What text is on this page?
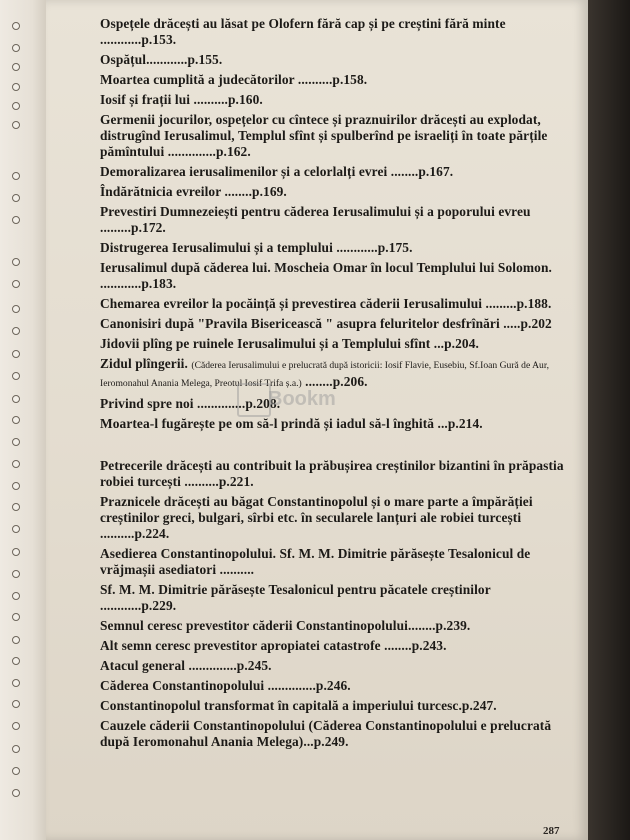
Ospețele drăcești au lăsat pe Olofern fără cap și pe creștini fără minte ............p.153.
Ospățul............p.155.
Moartea cumplită a judecătorilor ..........p.158.
Iosif și frații lui ..........p.160.
Germenii jocurilor, ospețelor cu cîntece și praznuirilor drăcești au explodat, distrugînd Ierusalimul, Templul sfînt și spulberînd pe israeliți în toate părțile pămîntului ..............p.162.
Demoralizarea ierusalimenilor și a celorlalți evrei ........p.167.
Îndărătnicia evreilor ........p.169.
Prevestiri Dumnezeiești pentru căderea Ierusalimului și a poporului evreu .........p.172.
Distrugerea Ierusalimului și a templului ............p.175.
Ierusalimul după căderea lui. Moscheia Omar în locul Templului lui Solomon. ............p.183.
Chemarea evreilor la pocăință și prevestirea căderii Ierusalimului .........p.188.
Canonisiri după "Pravila Bisericească " asupra feluritelor desfrînări .....p.202
Jidovii plîng pe ruinele Ierusalimului și a Templului sfînt ...p.204.
Zidul plîngerii. (Căderea Ierusalimului e prelucrată după istoricii: Iosif Flavie, Eusebiu, Sf.Ioan Gură de Aur, Ieromonahul Anania Melega, Preotul Iosif Trifa ș.a.) ........p.206.
Privind spre noi ..............p.208.
Moartea-l fugărește pe om să-l prindă și iadul să-l înghită ...p.214.
Petrecerile drăcești au contribuit la prăbușirea creștinilor bizantini în prăpastia robiei turcești ..........p.221.
Praznicele drăcești au băgat Constantinopolul și o mare parte a împărăției creștinilor greci, bulgari, sîrbi etc. în secularele lanțuri ale robiei turcești ..........p.224.
Asedierea Constantinopolului. Sf. M. M. Dimitrie părăsește Tesalonicul de vrăjmașii asediatori ..........
Sf. M. M. Dimitrie părăsește Tesalonicul pentru păcatele creștinilor ............p.229.
Semnul ceresc prevestitor căderii Constantinopolului........p.239.
Alt semn ceresc prevestitor apropiatei catastrofe ........p.243.
Atacul general ..............p.245.
Căderea Constantinopolului ..............p.246.
Constantinopolul transformat în capitală a imperiului turcesc.p.247.
Cauzele căderii Constantinopolului (Căderea Constantinopolului e prelucrată după Ieromonahul Anania Melega)...p.249.
Bookm
287
